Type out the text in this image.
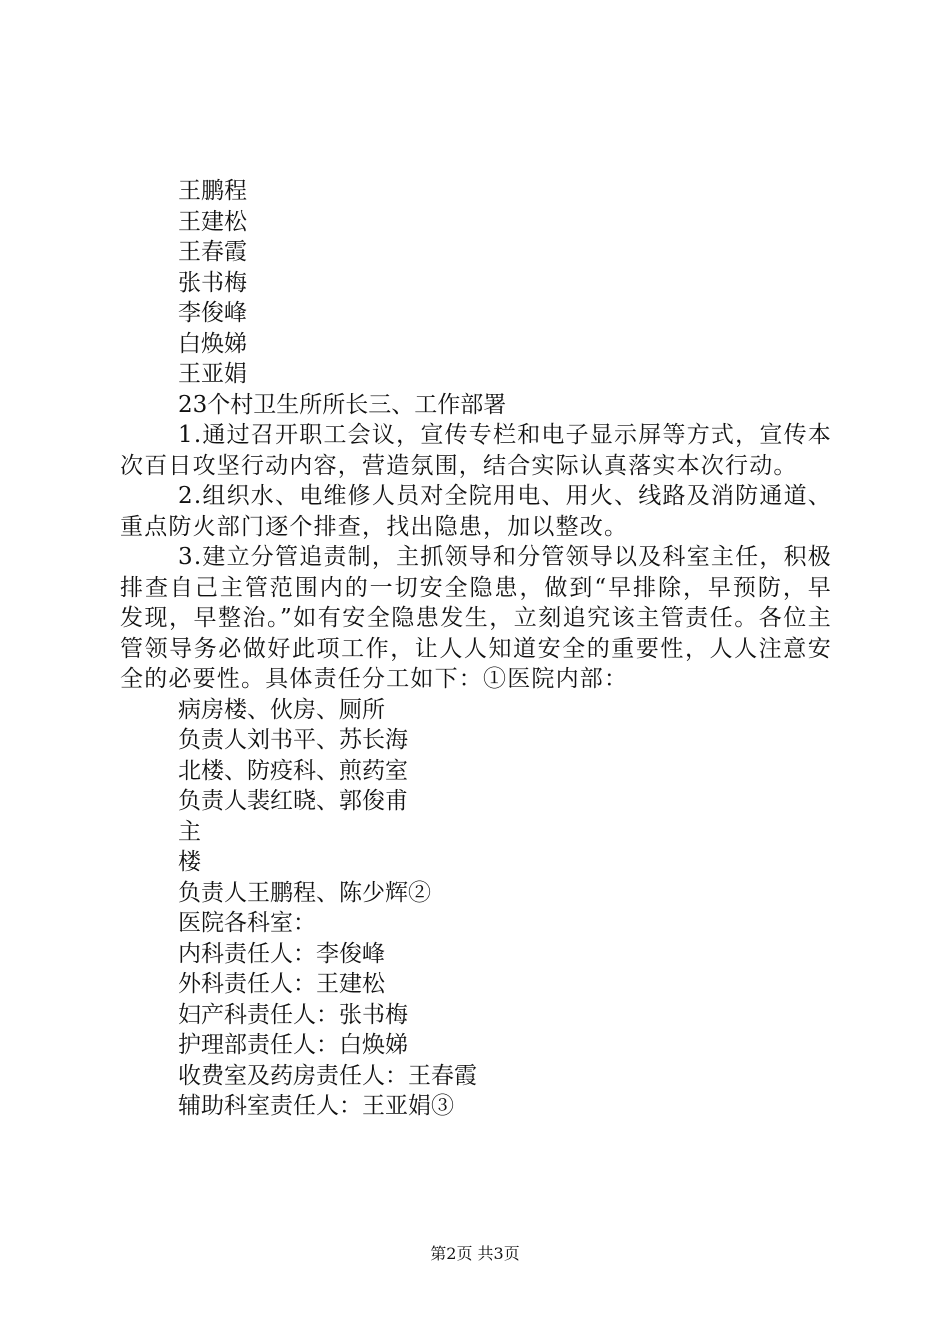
王鹏程
王建松
王春霞
张书梅
李俊峰
白焕娣
王亚娟
23个村卫生所所长三、工作部署
1.通过召开职工会议，宣传专栏和电子显示屏等方式，宣传本次百日攻坚行动内容，营造氛围，结合实际认真落实本次行动。
2.组织水、电维修人员对全院用电、用火、线路及消防通道、重点防火部门逐个排查，找出隐患，加以整改。
3.建立分管追责制，主抓领导和分管领导以及科室主任，积极排查自己主管范围内的一切安全隐患，做到“早排除，早预防，早发现，早整治。”如有安全隐患发生，立刻追究该主管责任。各位主管领导务必做好此项工作，让人人知道安全的重要性，人人注意安全的必要性。具体责任分工如下：①医院内部：
病房楼、伙房、厕所
负责人刘书平、苏长海
北楼、防疫科、煎药室
负责人裴红晓、郭俊甫
主
楼
负责人王鹏程、陈少辉②
医院各科室：
内科责任人：李俊峰
外科责任人：王建松
妇产科责任人：张书梅
护理部责任人：白焕娣
收费室及药房责任人：王春霞
辅助科室责任人：王亚娟③
第2页 共3页
